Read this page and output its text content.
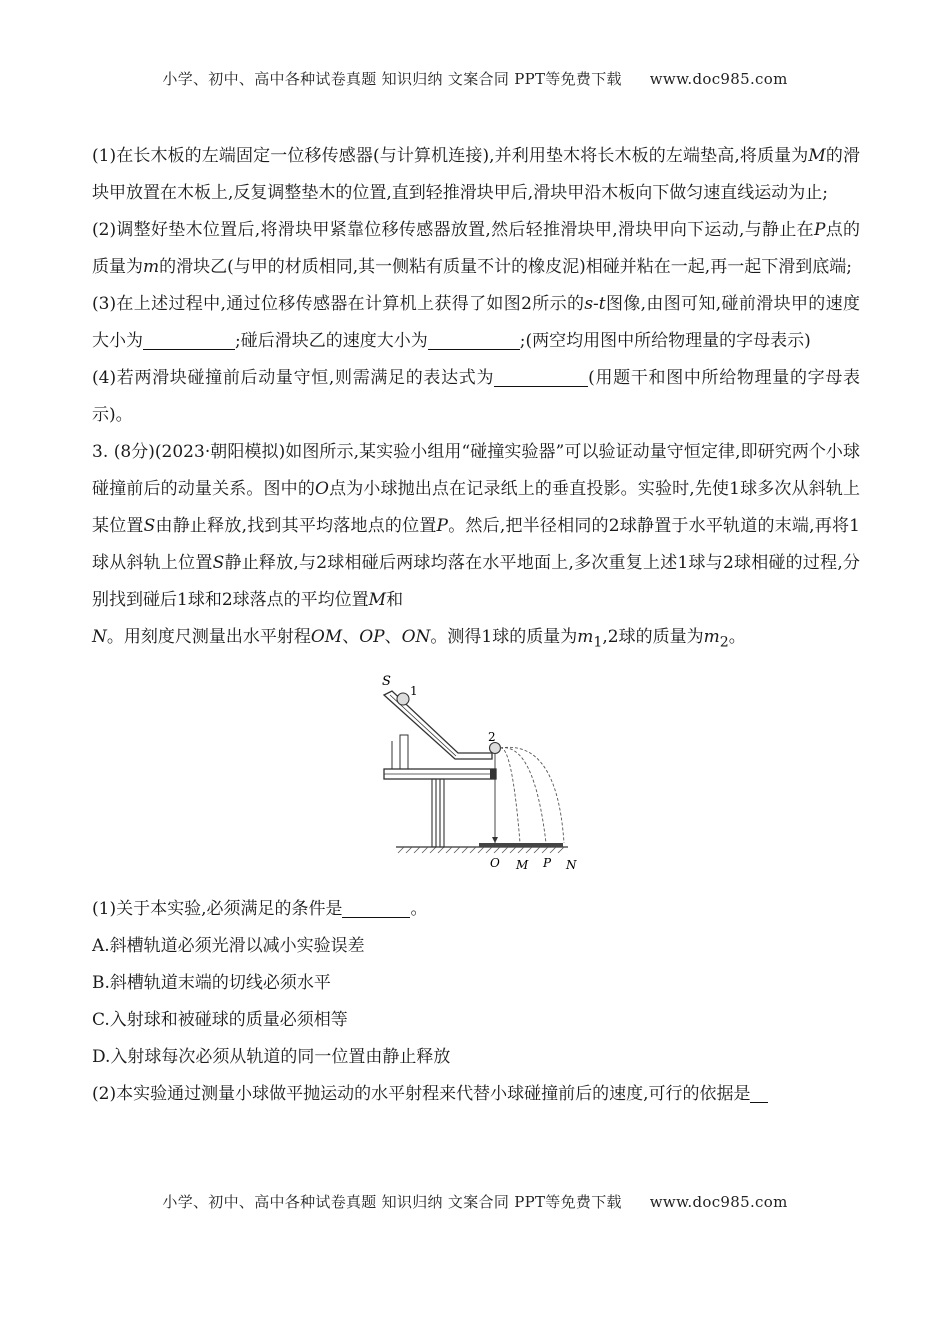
小学、初中、高中各种试卷真题 知识归纳 文案合同 PPT等免费下载 www.doc985.com

(1)在长木板的左端固定一位移传感器(与计算机连接),并利用垫木将长木板的左端垫高,将质量为M的滑块甲放置在木板上,反复调整垫木的位置,直到轻推滑块甲后,滑块甲沿木板向下做匀速直线运动为止;

(2)调整好垫木位置后,将滑块甲紧靠位移传感器放置,然后轻推滑块甲,滑块甲向下运动,与静止在P点的质量为m的滑块乙(与甲的材质相同,其一侧粘有质量不计的橡皮泥)相碰并粘在一起,再一起下滑到底端;

(3)在上述过程中,通过位移传感器在计算机上获得了如图2所示的s-t图像,由图可知,碰前滑块甲的速度大小为	;碰后滑块乙的速度大小为	;(两空均用图中所给物理量的字母表示)

(4)若两滑块碰撞前后动量守恒,则需满足的表达式为	(用题干和图中所给物理量的字母表示)。

3. (8分)(2023·朝阳模拟)如图所示,某实验小组用“碰撞实验器”可以验证动量守恒定律,即研究两个小球碰撞前后的动量关系。图中的O点为小球抛出点在记录纸上的垂直投影。实验时,先使1球多次从斜轨上某位置S由静止释放,找到其平均落地点的位置P。然后,把半径相同的2球静置于水平轨道的末端,再将1球从斜轨上位置S静止释放,与2球相碰后两球均落在水平地面上,多次重复上述1球与2球相碰的过程,分别找到碰后1球和2球落点的平均位置M和
N。用刻度尺测量出水平射程OM、OP、ON。测得1球的质量为$m_1,2$球的质量为$m_2$。

S
1
2
O M P N

(1)关于本实验,必须满足的条件是	。

A.斜槽轨道必须光滑以减小实验误差

B.斜槽轨道末端的切线必须水平

C.入射球和被碰球的质量必须相等

D.入射球每次必须从轨道的同一位置由静止释放

(2)本实验通过测量小球做平抛运动的水平射程来代替小球碰撞前后的速度,可行的依据是

小学、初中、高中各种试卷真题 知识归纳 文案合同 PPT等免费下载 www.doc985.com
